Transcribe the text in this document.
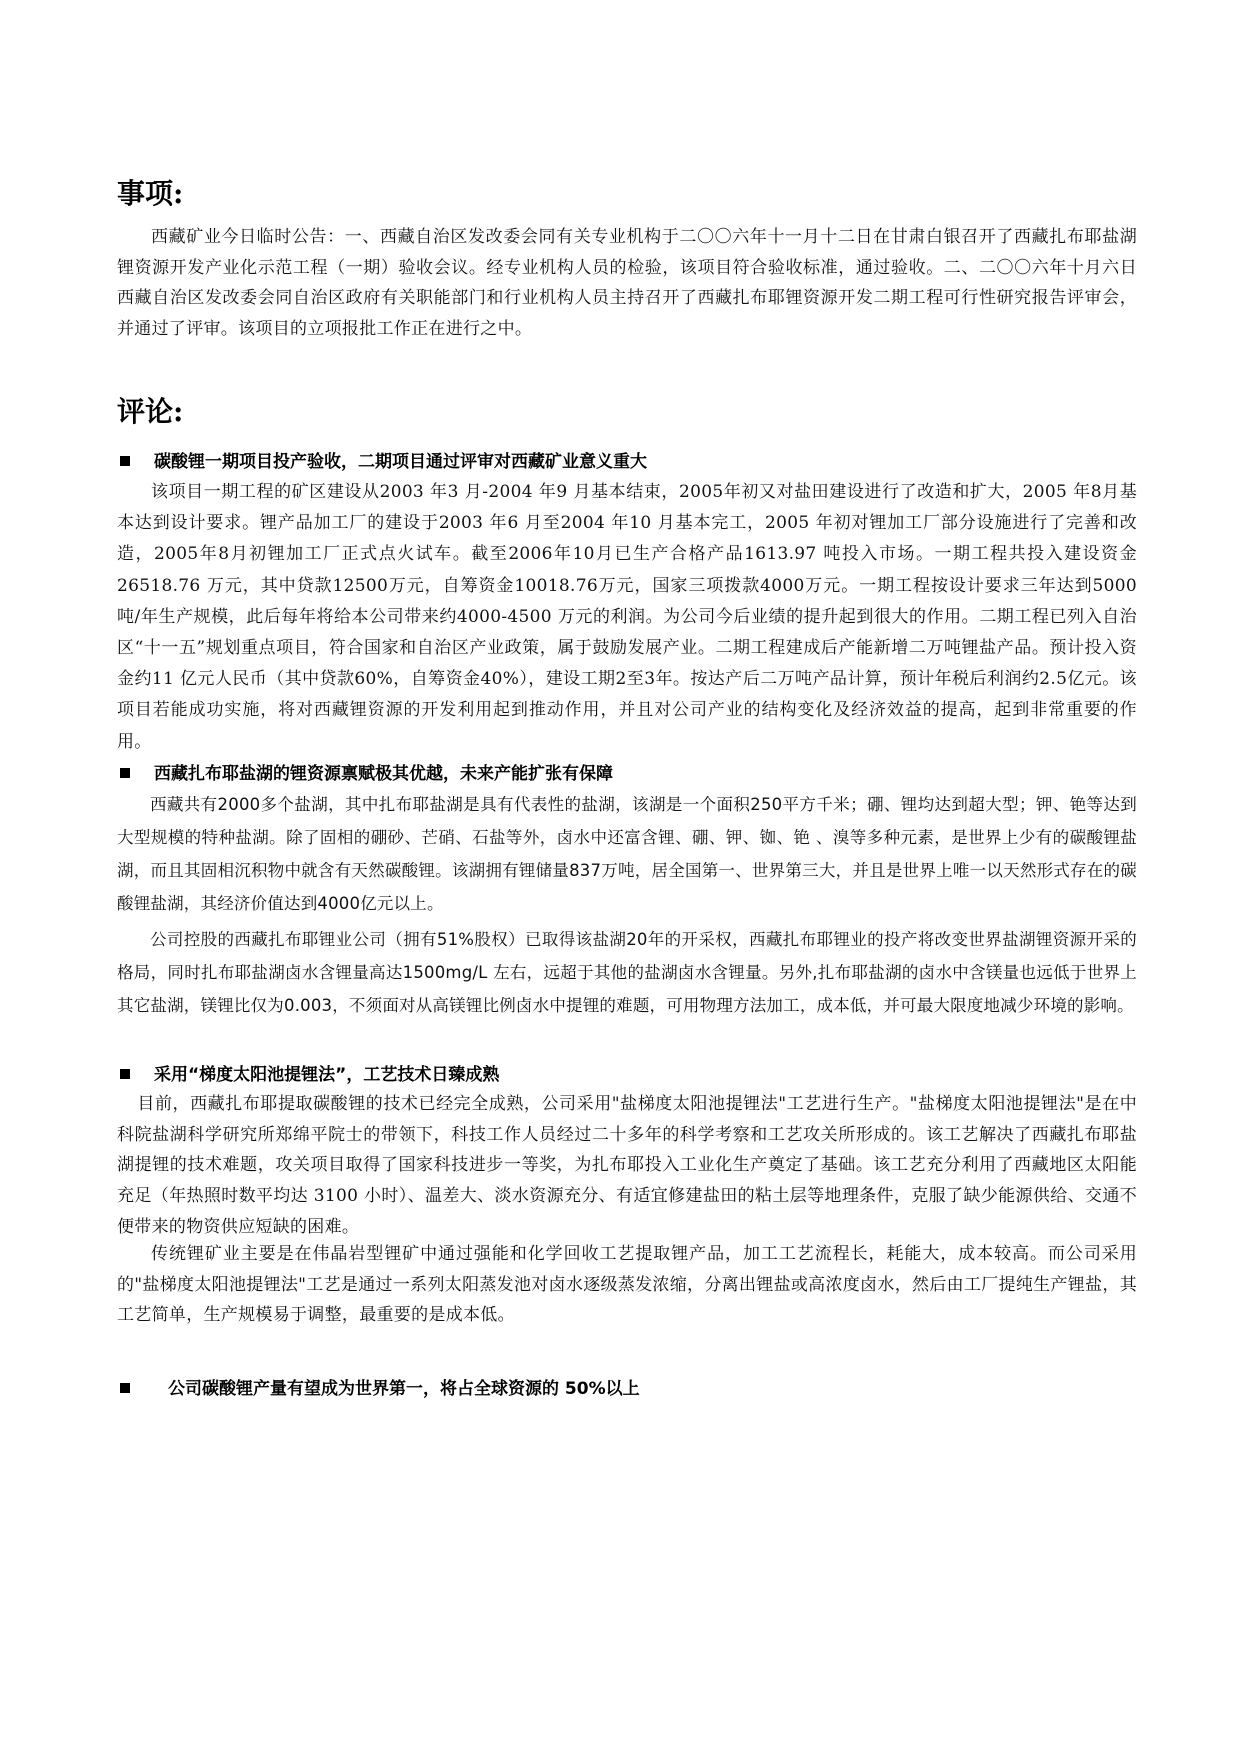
事项:

西藏矿业今日临时公告：一、西藏自治区发改委会同有关专业机构于二〇〇六年十一月十二日在甘肃白银召开了西藏扎布耶盐湖锂资源开发产业化示范工程（一期）验收会议。经专业机构人员的检验，该项目符合验收标准，通过验收。二、二〇〇六年十月六日西藏自治区发改委会同自治区政府有关职能部门和行业机构人员主持召开了西藏扎布耶锂资源开发二期工程可行性研究报告评审会，并通过了评审。该项目的立项报批工作正在进行之中。

评论:
碳酸锂一期项目投产验收，二期项目通过评审对西藏矿业意义重大

该项目一期工程的矿区建设从2003 年3 月-2004 年9 月基本结束，2005年初又对盐田建设进行了改造和扩大，2005 年8月基本达到设计要求。锂产品加工厂的建设于2003 年6 月至2004 年10 月基本完工，2005 年初对锂加工厂部分设施进行了完善和改造，2005年8月初锂加工厂正式点火试车。截至2006年10月已生产合格产品1613.97 吨投入市场。一期工程共投入建设资金26518.76 万元，其中贷款12500万元，自筹资金10018.76万元，国家三项拨款4000万元。一期工程按设计要求三年达到5000 吨/年生产规模，此后每年将给本公司带来约4000-4500 万元的利润。为公司今后业绩的提升起到很大的作用。二期工程已列入自治区“十一五”规划重点项目，符合国家和自治区产业政策，属于鼓励发展产业。二期工程建成后产能新增二万吨锂盐产品。预计投入资金约11 亿元人民币（其中贷款60%，自筹资金40%），建设工期2至3年。按达产后二万吨产品计算，预计年税后利润约2.5亿元。该项目若能成功实施，将对西藏锂资源的开发利用起到推动作用，并且对公司产业的结构变化及经济效益的提高，起到非常重要的作用。

西藏扎布耶盐湖的锂资源禀赋极其优越，未来产能扩张有保障

西藏共有2000多个盐湖，其中扎布耶盐湖是具有代表性的盐湖，该湖是一个面积250平方千米；硼、锂均达到超大型；钾、铯等达到大型规模的特种盐湖。除了固相的硼砂、芒硝、石盐等外，卤水中还富含锂、硼、钾、铷、铯 、溴等多种元素，是世界上少有的碳酸锂盐湖，而且其固相沉积物中就含有天然碳酸锂。该湖拥有锂储量837万吨，居全国第一、世界第三大，并且是世界上唯一以天然形式存在的碳酸锂盐湖，其经济价值达到4000亿元以上。

公司控股的西藏扎布耶锂业公司（拥有51%股权）已取得该盐湖20年的开采权，西藏扎布耶锂业的投产将改变世界盐湖锂资源开采的格局，同时扎布耶盐湖卤水含锂量高达1500mg/L 左右，远超于其他的盐湖卤水含锂量。另外,扎布耶盐湖的卤水中含镁量也远低于世界上其它盐湖，镁锂比仅为0.003，不须面对从高镁锂比例卤水中提锂的难题，可用物理方法加工，成本低，并可最大限度地减少环境的影响。

采用“梯度太阳池提锂法”，工艺技术日臻成熟

目前，西藏扎布耶提取碳酸锂的技术已经完全成熟，公司采用"盐梯度太阳池提锂法"工艺进行生产。"盐梯度太阳池提锂法"是在中科院盐湖科学研究所郑绵平院士的带领下，科技工作人员经过二十多年的科学考察和工艺攻关所形成的。该工艺解决了西藏扎布耶盐湖提锂的技术难题，攻关项目取得了国家科技进步一等奖，为扎布耶投入工业化生产奠定了基础。该工艺充分利用了西藏地区太阳能充足（年热照时数平均达 3100 小时）、温差大、淡水资源充分、有适宜修建盐田的粘土层等地理条件，克服了缺少能源供给、交通不便带来的物资供应短缺的困难。

传统锂矿业主要是在伟晶岩型锂矿中通过强能和化学回收工艺提取锂产品，加工工艺流程长，耗能大，成本较高。而公司采用的"盐梯度太阳池提锂法"工艺是通过一系列太阳蒸发池对卤水逐级蒸发浓缩，分离出锂盐或高浓度卤水，然后由工厂提纯生产锂盐，其工艺简单，生产规模易于调整，最重要的是成本低。

公司碳酸锂产量有望成为世界第一，将占全球资源的 50%以上
